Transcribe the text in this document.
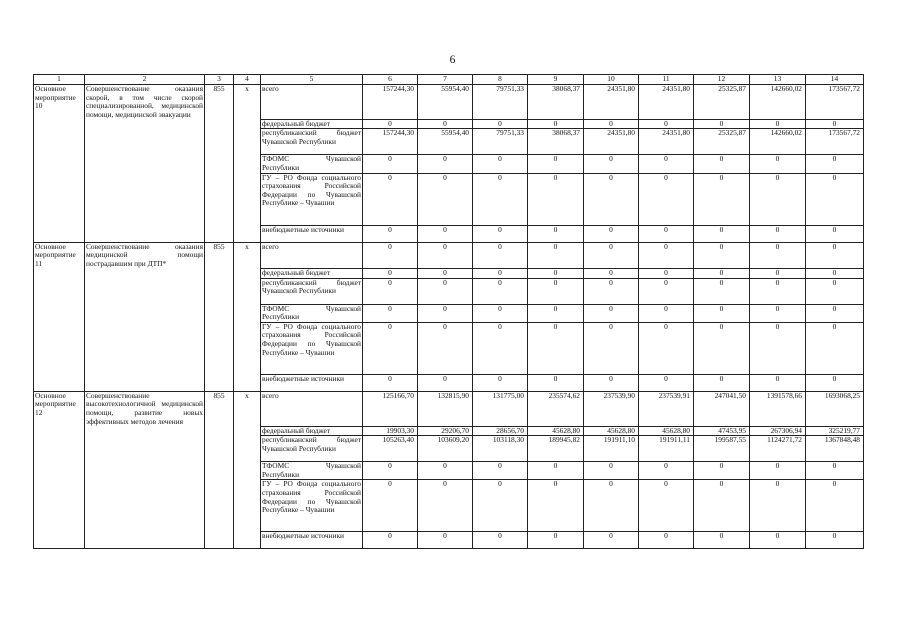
6
1	2	3	4	5	6	7	8	9	10	11	12	13	14
Основное мероприятие 10	Совершенствование оказания скорой, в том числе скорой специализированной, медицинской помощи, медицинской эвакуации	855	х	всего	157244,30	55954,40	79751,33	38068,37	24351,80	24351,80	25325,87	142660,02	173567,72
				федеральный бюджет	0	0	0	0	0	0	0	0	0
				республиканский бюджет Чувашской Республики	157244,30	55954,40	79751,33	38068,37	24351,80	24351,80	25325,87	142660,02	173567,72
				ТФОМС Чувашской Республики	0	0	0	0	0	0	0	0	0
				ГУ – РО Фонда социального страхования Российской Федерации по Чувашской Республике – Чувашии	0	0	0	0	0	0	0	0	0
				внебюджетные источники	0	0	0	0	0	0	0	0	0
Основное мероприятие 11	Совершенствование оказания медицинской помощи пострадавшим при ДТП*	855	х	всего	0	0	0	0	0	0	0	0	0
				федеральный бюджет	0	0	0	0	0	0	0	0	0
				республиканский бюджет Чувашской Республики	0	0	0	0	0	0	0	0	0
				ТФОМС Чувашской Республики	0	0	0	0	0	0	0	0	0
				ГУ – РО Фонда социального страхования Российской Федерации по Чувашской Республике – Чувашии	0	0	0	0	0	0	0	0	0
				внебюджетные источники	0	0	0	0	0	0	0	0	0
Основное мероприятие 12	Совершенствование высокотехнологичной медицинской помощи, развитие новых эффективных методов лечения	855	х	всего	125166,70	132815,90	131775,00	235574,62	237539,90	237539,91	247041,50	1391578,66	1693068,25
				федеральный бюджет	19903,30	29206,70	28656,70	45628,80	45628,80	45628,80	47453,95	267306,94	325219,77
				республиканский бюджет Чувашской Республики	105263,40	103609,20	103118,30	189945,82	191911,10	191911,11	199587,55	1124271,72	1367848,48
				ТФОМС Чувашской Республики	0	0	0	0	0	0	0	0	0
				ГУ – РО Фонда социального страхования Российской Федерации по Чувашской Республике – Чувашии	0	0	0	0	0	0	0	0	0
				внебюджетные источники	0	0	0	0	0	0	0	0	0
